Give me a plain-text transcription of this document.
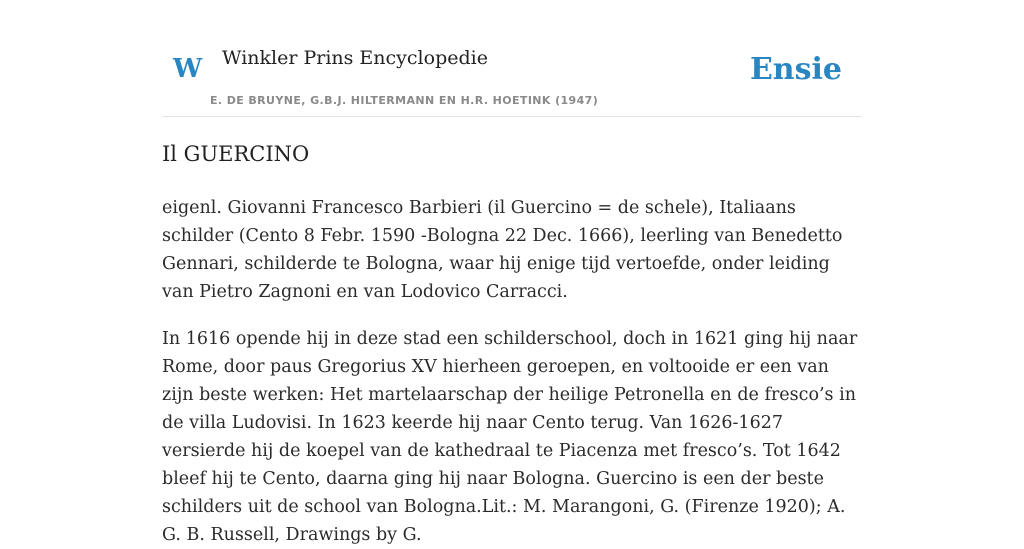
W Winkler Prins Encyclopedie
E. DE BRUYNE, G.B.J. HILTERMANN EN H.R. HOETINK (1947)
Ensie
Il GUERCINO

eigenl. Giovanni Francesco Barbieri (il Guercino = de schele), Italiaans schilder (Cento 8 Febr. 1590 -Bologna 22 Dec. 1666), leerling van Benedetto Gennari, schilderde te Bologna, waar hij enige tijd vertoefde, onder leiding van Pietro Zagnoni en van Lodovico Carracci.

In 1616 opende hij in deze stad een schilderschool, doch in 1621 ging hij naar Rome, door paus Gregorius XV hierheen geroepen, en voltooide er een van zijn beste werken: Het martelaarschap der heilige Petronella en de fresco’s in de villa Ludovisi. In 1623 keerde hij naar Cento terug. Van 1626-1627 versierde hij de koepel van de kathedraal te Piacenza met fresco’s. Tot 1642 bleef hij te Cento, daarna ging hij naar Bologna. Guercino is een der beste schilders uit de school van Bologna.Lit.: M. Marangoni, G. (Firenze 1920); A. G. B. Russell, Drawings by G.
